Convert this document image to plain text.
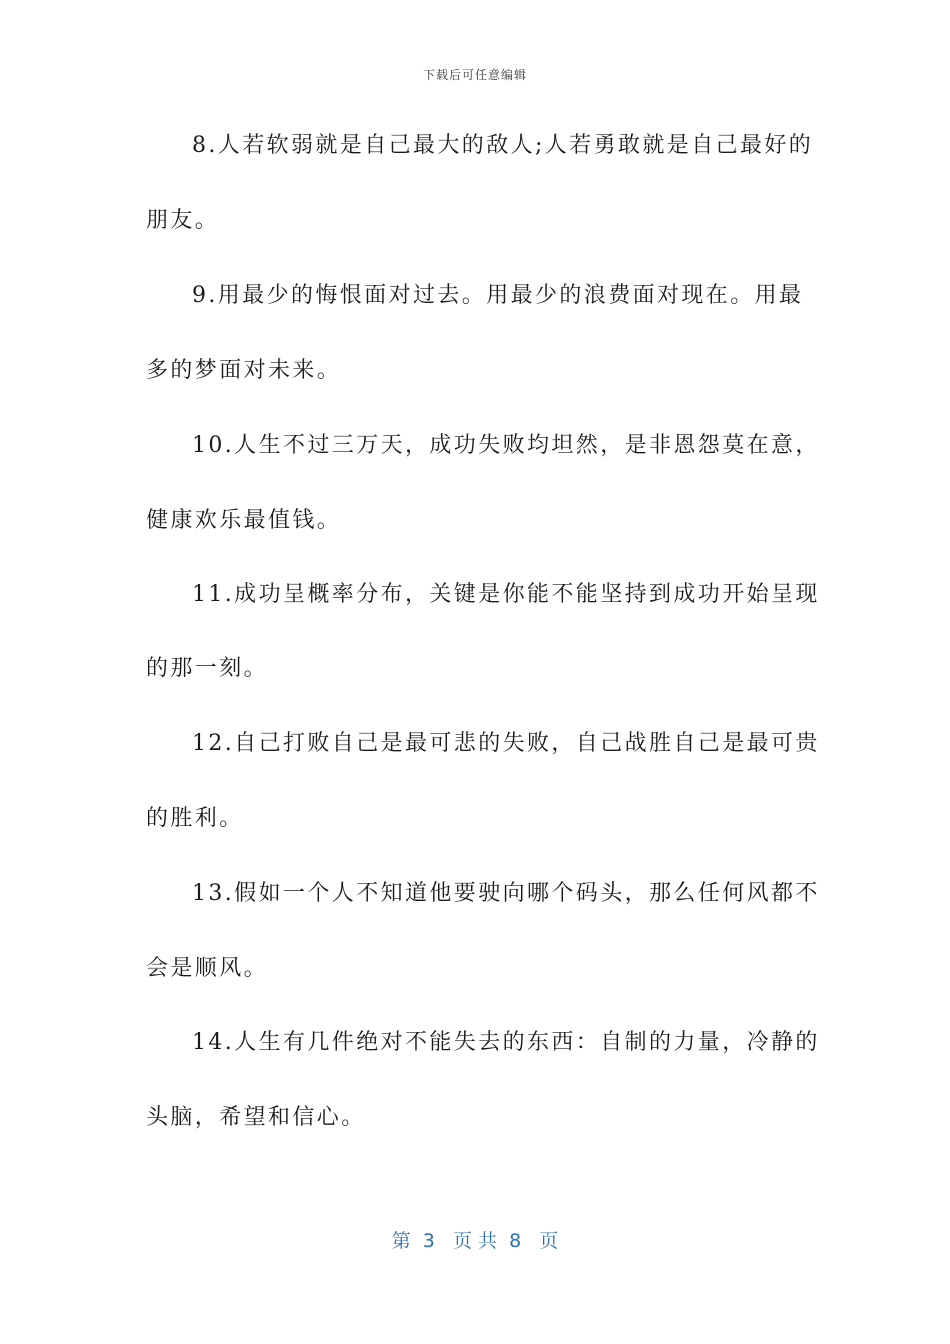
下载后可任意编辑
8.人若软弱就是自己最大的敌人;人若勇敢就是自己最好的
朋友。
9.用最少的悔恨面对过去。用最少的浪费面对现在。用最
多的梦面对未来。
10.人生不过三万天，成功失败均坦然，是非恩怨莫在意，
健康欢乐最值钱。
11.成功呈概率分布，关键是你能不能坚持到成功开始呈现
的那一刻。
12.自己打败自己是最可悲的失败，自己战胜自己是最可贵
的胜利。
13.假如一个人不知道他要驶向哪个码头，那么任何风都不
会是顺风。
14.人生有几件绝对不能失去的东西：自制的力量，冷静的
头脑，希望和信心。
第  3   页 共  8   页
